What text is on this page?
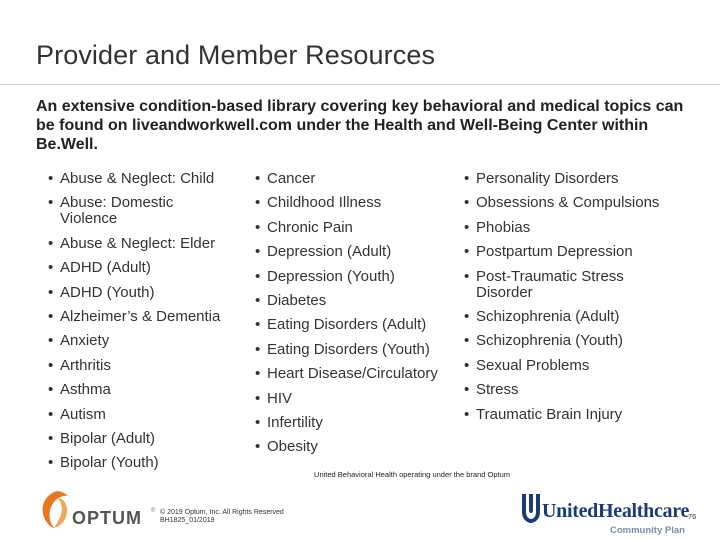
Provider and Member Resources
An extensive condition-based library covering key behavioral and medical topics can be found on liveandworkwell.com under the Health and Well-Being Center within Be.Well.
• Abuse & Neglect: Child
• Abuse: Domestic Violence
• Abuse & Neglect: Elder
• ADHD (Adult)
• ADHD (Youth)
• Alzheimer’s & Dementia
• Anxiety
• Arthritis
• Asthma
• Autism
• Bipolar (Adult)
• Bipolar (Youth)
• Cancer
• Childhood Illness
• Chronic Pain
• Depression (Adult)
• Depression (Youth)
• Diabetes
• Eating Disorders (Adult)
• Eating Disorders (Youth)
• Heart Disease/Circulatory
• HIV
• Infertility
• Obesity
• Personality Disorders
• Obsessions & Compulsions
• Phobias
• Postpartum Depression
• Post-Traumatic Stress Disorder
• Schizophrenia (Adult)
• Schizophrenia (Youth)
• Sexual Problems
• Stress
• Traumatic Brain Injury
United Behavioral Health operating under the brand Optum
OPTUM ® © 2019 Optum, Inc. All Rights Reserved
BH1825_01/2019	UnitedHealthcare
Community Plan
76
